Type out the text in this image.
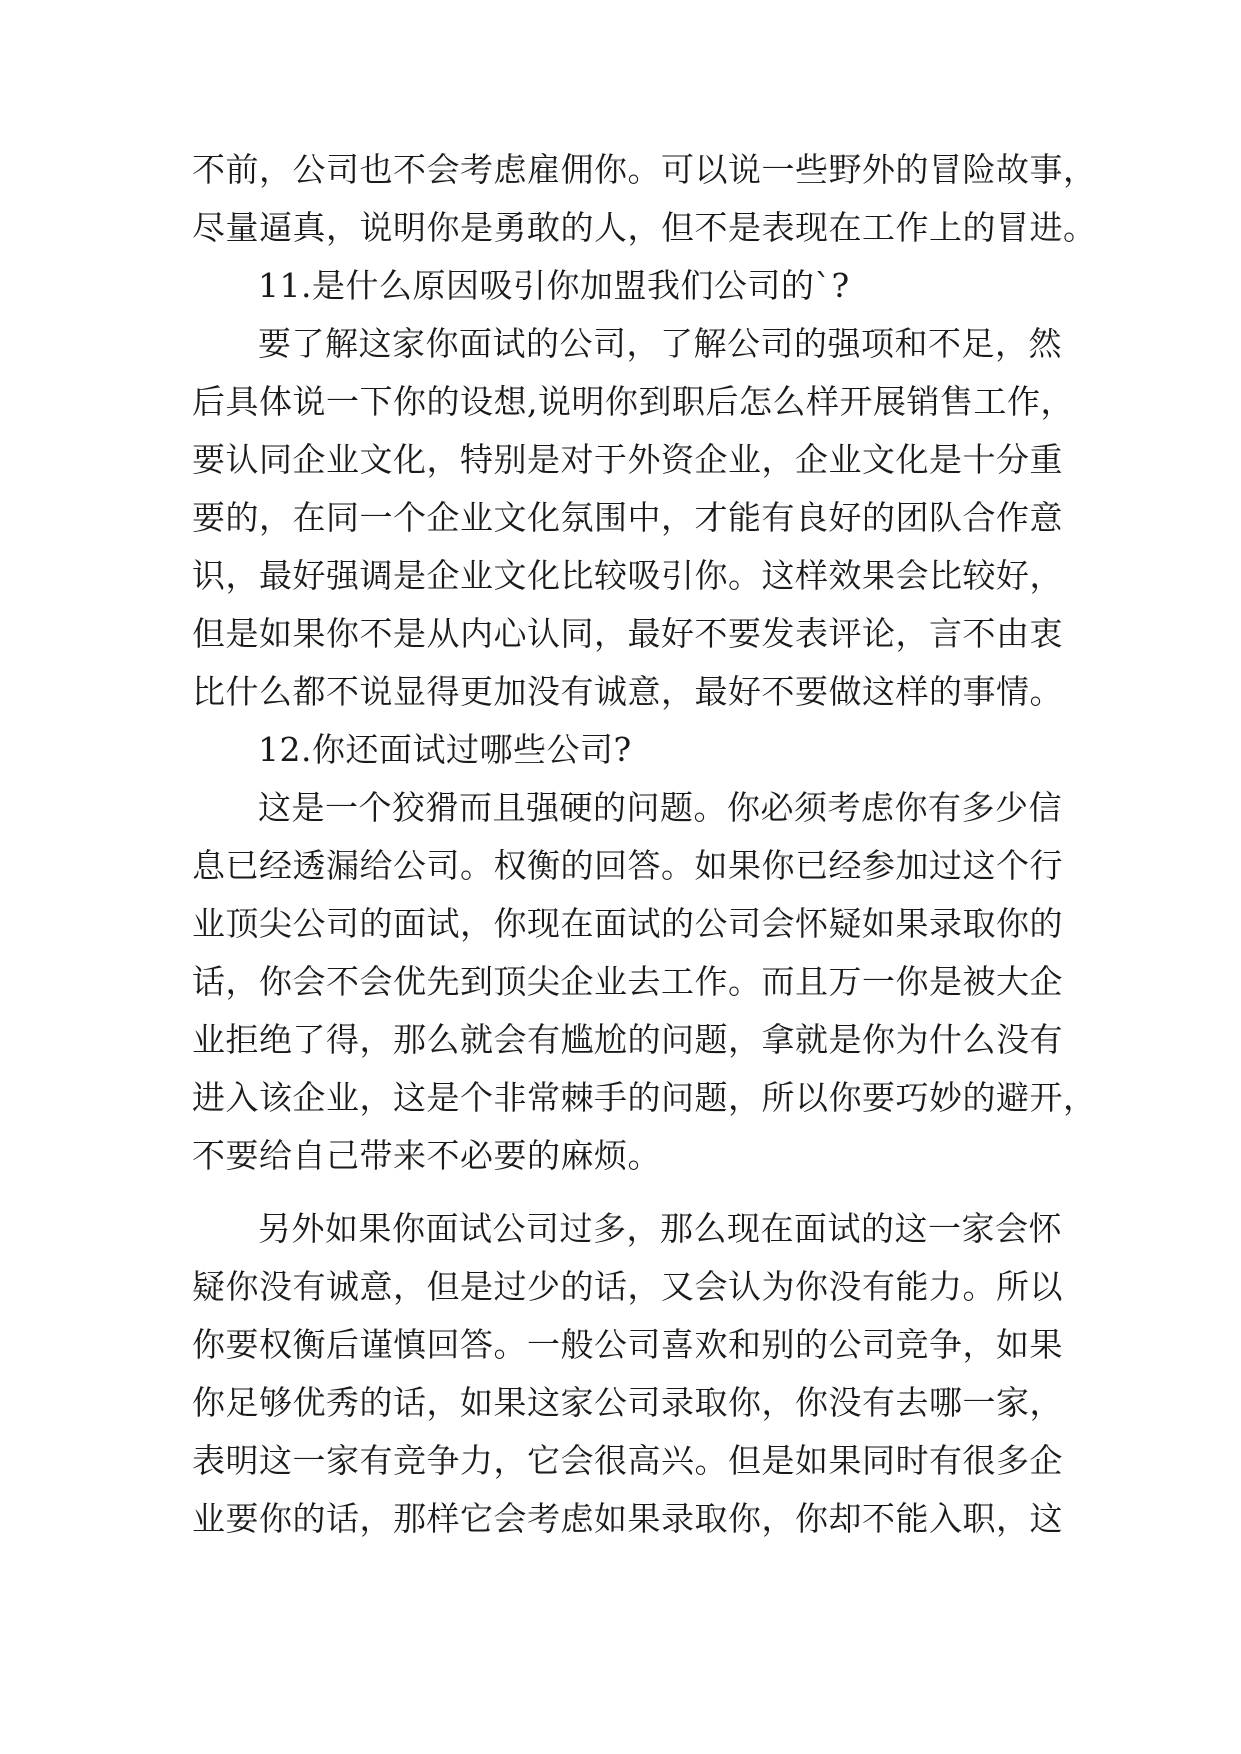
不前，公司也不会考虑雇佣你。可以说一些野外的冒险故事，
尽量逼真，说明你是勇敢的人，但不是表现在工作上的冒进。
11.是什么原因吸引你加盟我们公司的`?
要了解这家你面试的公司，了解公司的强项和不足，然
后具体说一下你的设想,说明你到职后怎么样开展销售工作，
要认同企业文化，特别是对于外资企业，企业文化是十分重
要的，在同一个企业文化氛围中，才能有良好的团队合作意
识，最好强调是企业文化比较吸引你。这样效果会比较好，
但是如果你不是从内心认同，最好不要发表评论，言不由衷
比什么都不说显得更加没有诚意，最好不要做这样的事情。
12.你还面试过哪些公司?
这是一个狡猾而且强硬的问题。你必须考虑你有多少信
息已经透漏给公司。权衡的回答。如果你已经参加过这个行
业顶尖公司的面试，你现在面试的公司会怀疑如果录取你的
话，你会不会优先到顶尖企业去工作。而且万一你是被大企
业拒绝了得，那么就会有尴尬的问题，拿就是你为什么没有
进入该企业，这是个非常棘手的问题，所以你要巧妙的避开，
不要给自己带来不必要的麻烦。
另外如果你面试公司过多，那么现在面试的这一家会怀
疑你没有诚意，但是过少的话，又会认为你没有能力。所以
你要权衡后谨慎回答。一般公司喜欢和别的公司竞争，如果
你足够优秀的话，如果这家公司录取你，你没有去哪一家，
表明这一家有竞争力，它会很高兴。但是如果同时有很多企
业要你的话，那样它会考虑如果录取你，你却不能入职，这
